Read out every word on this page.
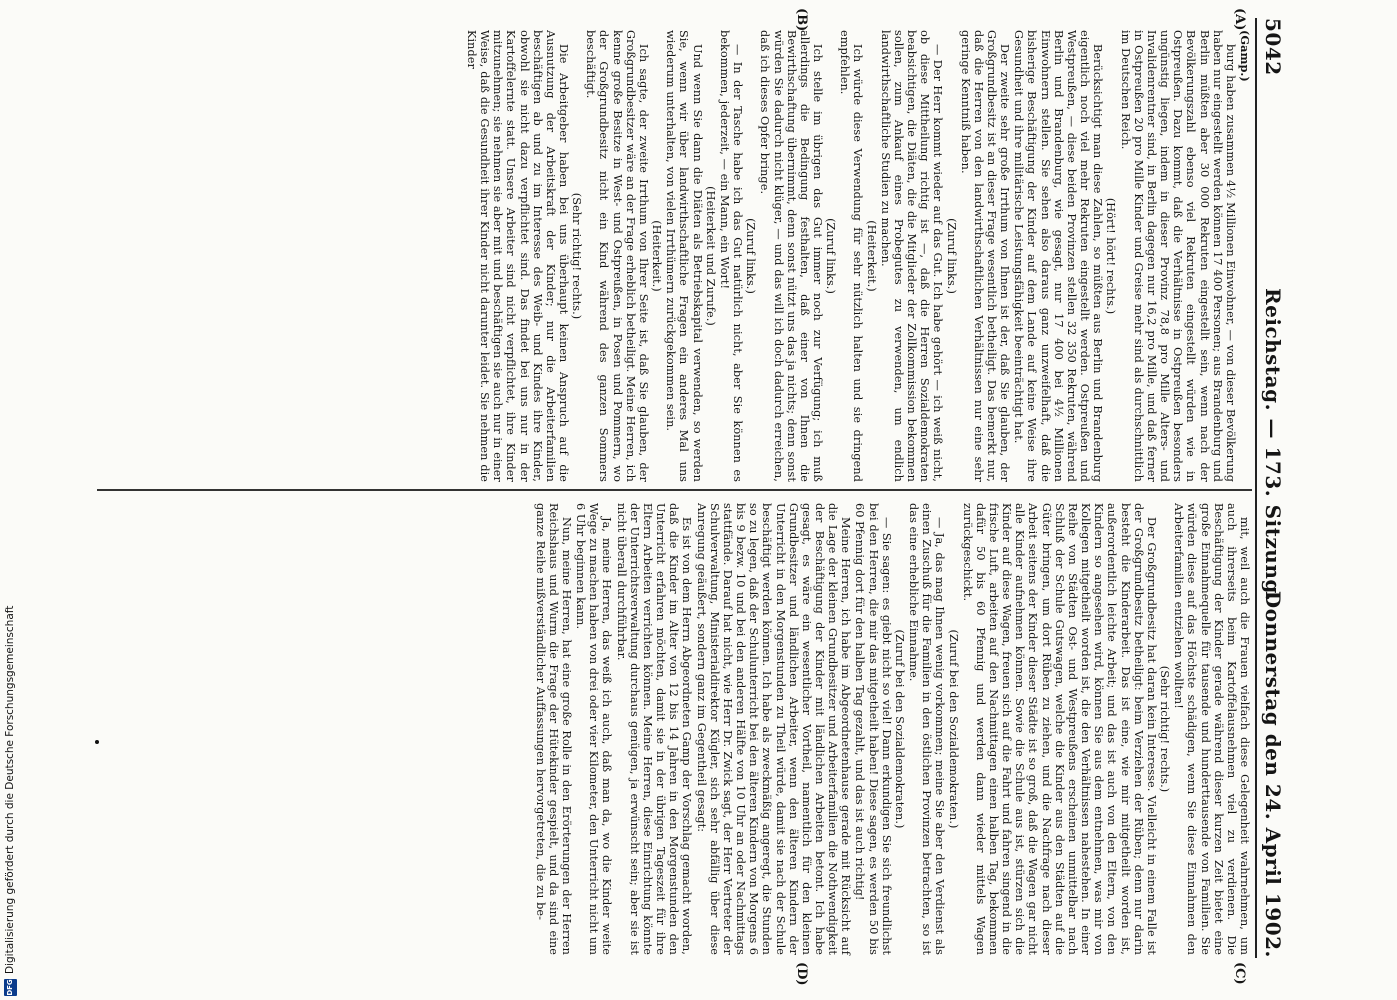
5042
Reichstag. — 173. Sitzung.
Donnerstag den 24. April 1902.
(A)
(B)
(C)
(D)

(Gamp.)

burg haben zusammen 4½ Millionen Einwohner, — von dieser Bevölkerung haben nur eingestellt werden können 17 400 Personen; aus Brandenburg und Berlin müßten aber 30 000 Rekruten eingestellt sein, wenn nach der Bevölkerungszahl ebenso viel Rekruten eingestellt würden wie in Ostpreußen. Dazu kommt, daß die Verhältnisse in Ostpreußen besonders ungünstig liegen, indem in dieser Provinz 78,8 pro Mille Alters- und Invalidenrentner sind, in Berlin dagegen nur 16,2 pro Mille, und daß ferner in Ostpreußen 20 pro Mille Kinder und Greise mehr sind als durchschnittlich im Deutschen Reich.

(Hört! hört! rechts.)

Berücksichtigt man diese Zahlen, so müßten aus Berlin und Brandenburg eigentlich noch viel mehr Rekruten eingestellt werden. Ostpreußen und Westpreußen, — diese beiden Provinzen stellen 32 350 Rekruten, während Berlin und Brandenburg, wie gesagt, nur 17 400 bei 4½ Millionen Einwohnern stellen. Sie sehen also daraus ganz unzweifelhaft, daß die bisherige Beschäftigung der Kinder auf dem Lande auf keine Weise ihre Gesundheit und ihre militärische Leistungsfähigkeit beeinträchtigt hat.

Der zweite sehr große Irrthum von Ihnen ist der, daß Sie glauben, der Großgrundbesitz ist an dieser Frage wesentlich betheiligt. Das bemerkt nur, daß die Herren von den landwirthschaftlichen Verhältnissen nur eine sehr geringe Kenntniß haben.

(Zuruf links.)

— Der Herr kommt wieder auf das Gut. Ich habe gehört — ich weiß nicht, ob diese Mittheilung richtig ist —, daß die Herren Sozialdemokraten beabsichtigen, die Diäten, die die Mitglieder der Zollkommission bekommen sollen, zum Ankauf eines Probegutes zu verwenden, um endlich landwirthschaftliche Studien zu machen.

(Heiterkeit.)

Ich würde diese Verwendung für sehr nützlich halten und sie dringend empfehlen.

(Zuruf links.)

Ich stelle im übrigen das Gut immer noch zur Verfügung; ich muß allerdings die Bedingung festhalten, daß einer von Ihnen die Bewirthschaftung übernimmt, denn sonst nützt uns das ja nichts; denn sonst würden Sie dadurch nicht klüger, — und das will ich doch dadurch erreichen, daß ich dieses Opfer bringe.

(Zuruf links.)

— In der Tasche habe ich das Gut natürlich nicht, aber Sie können es bekommen, jederzeit, — ein Mann, ein Wort!

(Heiterkeit und Zurufe.)

Und wenn Sie dann die Diäten als Betriebskapital verwenden, so werden Sie, wenn wir über landwirthschaftliche Fragen ein anderes Mal uns wiederum unterhalten, von vielen Irrthümern zurückgekommen sein.

(Heiterkeit.)

Ich sagte, der zweite Irrthum von Ihrer Seite ist, daß Sie glauben, der Großgrundbesitzer wäre an der Frage erheblich betheiligt. Meine Herren, ich kenne große Besitze in West- und Ostpreußen, in Posen und Pommern, wo der Großgrundbesitz nicht ein Kind während des ganzen Sommers beschäftigt.

(Sehr richtig! rechts.)

Die Arbeitgeber haben bei uns überhaupt keinen Anspruch auf die Ausnutzung der Arbeitskraft der Kinder; nur die Arbeiterfamilien beschäftigen ab und zu im Interesse des Weib- und Kindes ihre Kinder, obwohl sie nicht dazu verpflichtet sind. Das findet bei uns nur in der Kartoffelernte statt. Unsere Arbeiter sind nicht verpflichtet, ihre Kinder mitzunehmen; sie nehmen sie aber mit und beschäftigen sie auch nur in einer Weise, daß die Gesundheit ihrer Kinder nicht darunter leidet. Sie nehmen die Kinder

mit, weil auch die Frauen vielfach diese Gelegenheit wahrnehmen, um auch ihrerseits beim Kartoffelausnehmen viel zu verdienen. Die Beschäftigung der Kinder gerade während dieser kurzen Zeit bietet eine große Einnahmequelle für tausende und hunderttausende von Familien. Sie würden diese auf das Höchste schädigen, wenn Sie diese Einnahmen den Arbeiterfamilien entziehen wollten!

(Sehr richtig! rechts.)

Der Großgrundbesitz hat daran kein Interesse. Vielleicht in einem Falle ist der Großgrundbesitz betheiligt: beim Verziehen der Rüben; denn nur darin besteht die Kinderarbeit. Das ist eine, wie mir mitgetheilt worden ist, außerordentlich leichte Arbeit; und das ist auch von den Eltern, von den Kindern so angesehen wird, können Sie aus dem entnehmen, was mir von Kollegen mitgetheilt worden ist, die den Verhältnissen nahestehen. In einer Reihe von Städten Ost- und Westpreußens erscheinen unmittelbar nach Schluß der Schule Gutswagen, welche die Kinder aus den Städten auf die Güter bringen, um dort Rüben zu ziehen, und die Nachfrage nach dieser Arbeit seitens der Kinder dieser Städte ist so groß, daß die Wagen gar nicht alle Kinder aufnehmen können. Sowie die Schule aus ist, stürzen sich die Kinder auf diese Wagen, freuen sich auf die Fahrt und fahren singend in die frische Luft, arbeiten auf den Nachmittagen einen halben Tag, bekommen dafür 50 bis 60 Pfennig und werden dann wieder mittels Wagen zurückgeschickt.

(Zuruf bei den Sozialdemokraten.)

— Ja, das mag Ihnen wenig vorkommen; meine Sie aber den Verdienst als einen Zuschuß für die Familien in den östlichen Provinzen betrachten, so ist das eine erhebliche Einnahme.

(Zuruf bei den Sozialdemokraten.)

— Sie sagen: es giebt nicht so viel! Dann erkundigen Sie sich freundlichst bei den Herren, die mir das mitgetheilt haben! Diese sagen, es werden 50 bis 60 Pfennig dort für den halben Tag gezahlt, und das ist auch richtig!

Meine Herren, ich habe im Abgeordnetenhause gerade mit Rücksicht auf die Lage der kleinen Grundbesitzer und Arbeiterfamilien die Nothwendigkeit der Beschäftigung der Kinder mit ländlichen Arbeiten betont. Ich habe gesagt, es wäre ein wesentlicher Vortheil, namentlich für den kleinen Grundbesitzer und ländlichen Arbeiter, wenn den älteren Kindern der Unterricht in den Morgenstunden zu Theil würde, damit sie nach der Schule beschäftigt werden können. Ich habe als zweckmäßig angeregt, die Stunden so zu legen, daß der Schulunterricht bei den älteren Kindern von Morgens 6 bis 9 bezw. 10 und bei den anderen Hälfte von 10 Uhr an oder Nachmittags stattfände. Darauf hat nicht, wie Herr Dr. Zwick sagt, der Herr Vertreter der Schulverwaltung, Ministerialdirektor Kügler, sich sehr abfällig über diese Anregung geäußert, sondern ganz im Gegentheil gesagt:

Es ist von dem Herrn Abgeordneten Gamp der Vorschlag gemacht worden, daß die Kinder im Alter von 12 bis 14 Jahren in den Morgenstunden den Unterricht erfahren möchten, damit sie in der übrigen Tageszeit für ihre Eltern Arbeiten verrichten können. Meine Herren, diese Einrichtung könnte der Unterrichtsverwaltung durchaus genügen, ja erwünscht sein; aber sie ist nicht überall durchführbar.

Ja, meine Herren, das weiß ich auch, daß man da, wo die Kinder weite Wege zu machen haben von drei oder vier Kilometer, den Unterricht nicht um 6 Uhr beginnen kann.

Nun, meine Herren, hat eine große Rolle in den Erörterungen der Herren Reichshaus und Wurm die Frage der Hütekinder gespielt, und da sind eine ganze Reihe mißverständlicher Auffassungen hervorgetreten, die zu be-

DFG
Digitalisierung gefördert durch die Deutsche Forschungsgemeinschaft
